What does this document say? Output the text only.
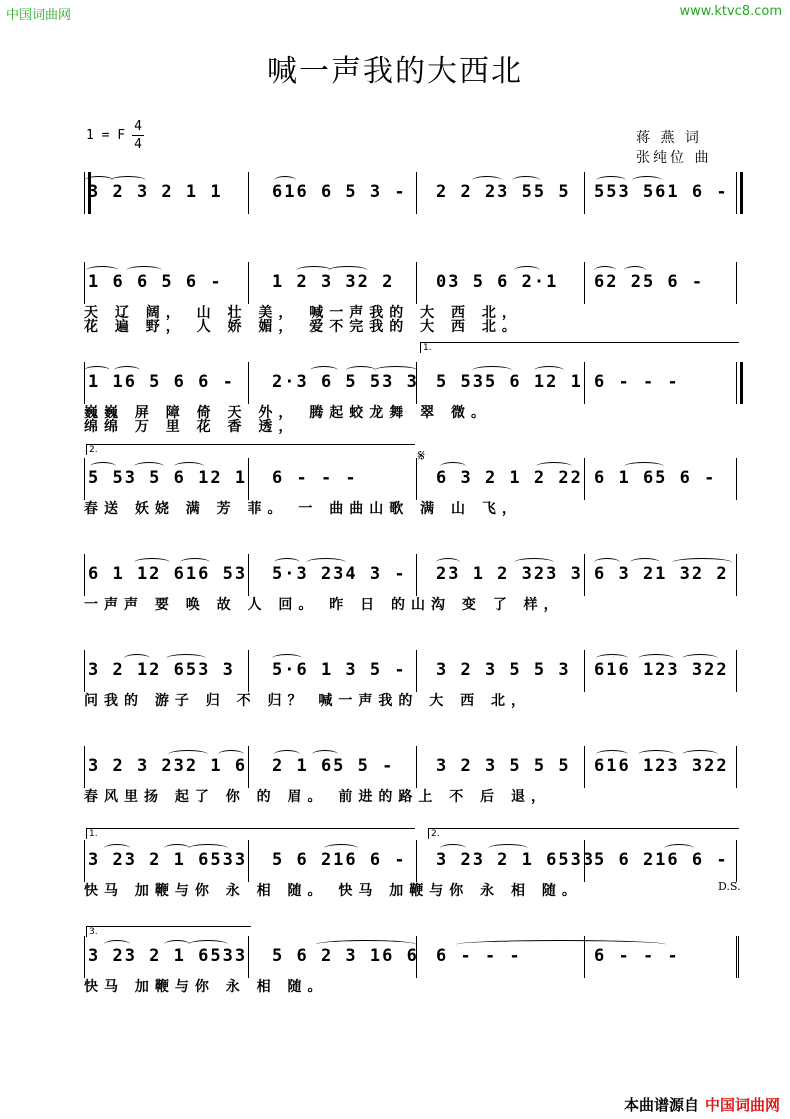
中国词曲网	www.ktvc8.com
喊一声我的大西北
1 = F
4
4	蒋 燕 词
张纯位 曲
3 2 3 2 1 1	616 6 5 3 - 2 2 23 55 5 553 561 6 -
1 6 6 5 6 -	1 2 3 32 2 03 5 6 2·1 62 25 6 -
天 辽 阔， 山 壮 美， 喊一声我的 大 西 北，
花 遍 野， 人 娇 媚， 爱不完我的 大 西 北。
1 16 5 6 6 - 2·3 6 5 53 3 5 535 6 12 1 6 - - -
巍巍 屏 障 倚 天 外， 腾起蛟龙舞 翠 微。
绵绵 万 里 花 香 透，
1.
5 53 5 6 12 1 6 - - -	6 3 2 1 2 22 6 1 65 6 -
春送 妖娆 满 芳 菲。 一 曲曲山歌 满 山 飞，
2.	𝄋
6 1 12 616 53 5·3 234 3 - 23 1 2 323 3 6 3 21 32 2
一声声 要 唤 故 人 回。 昨 日 的山沟 变 了 样，
3 2 12 653 3 5·6 1 3 5 - 3 2 3 5 5 3 616 123 322
问我的 游子 归 不 归？ 喊一声我的 大 西 北，
3 2 3 232 1 6 2 1 65 5 - 3 2 3 5 5 5 616 123 322
春风里扬 起了 你 的 眉。 前进的路上 不 后 退，
3 23 2 1 6533 5 6 216 6 - 3 23 2 1 6533
5 6 216 6 -
快马 加鞭与你 永 相 随。 快马 加鞭与你 永 相 随。
1.	2.
D.S.
3 23 2 1 6533 5 6 2 3 16 6 6 - - -	6 - - -
快马 加鞭与你 永 相 随。
3.
本曲谱源自 中国词曲网
